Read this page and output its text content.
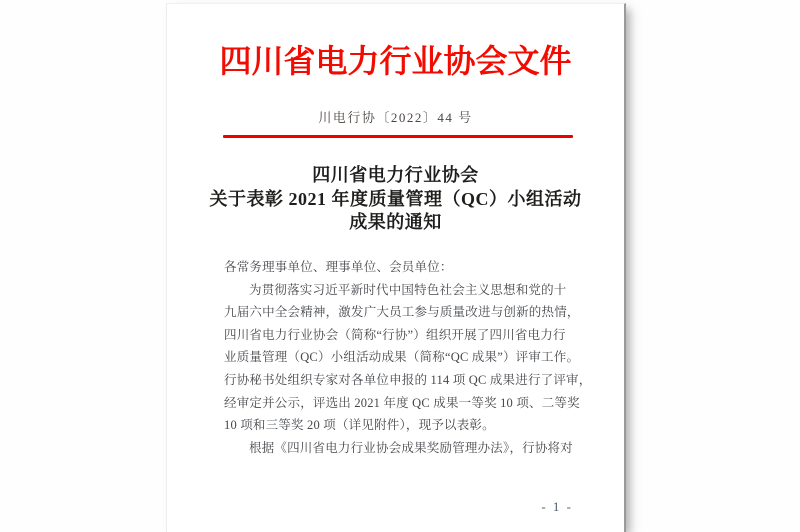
四川省电力行业协会文件
川电行协〔2022〕44 号
四川省电力行业协会
关于表彰 2021 年度质量管理（QC）小组活动
成果的通知
各常务理事单位、理事单位、会员单位：
为贯彻落实习近平新时代中国特色社会主义思想和党的十
九届六中全会精神，激发广大员工参与质量改进与创新的热情，
四川省电力行业协会（简称“行协”）组织开展了四川省电力行
业质量管理（QC）小组活动成果（简称“QC 成果”）评审工作。
行协秘书处组织专家对各单位申报的 114 项 QC 成果进行了评审，
经审定并公示，评选出 2021 年度 QC 成果一等奖 10 项、二等奖
10 项和三等奖 20 项（详见附件），现予以表彰。
根据《四川省电力行业协会成果奖励管理办法》，行协将对
- 1 -
